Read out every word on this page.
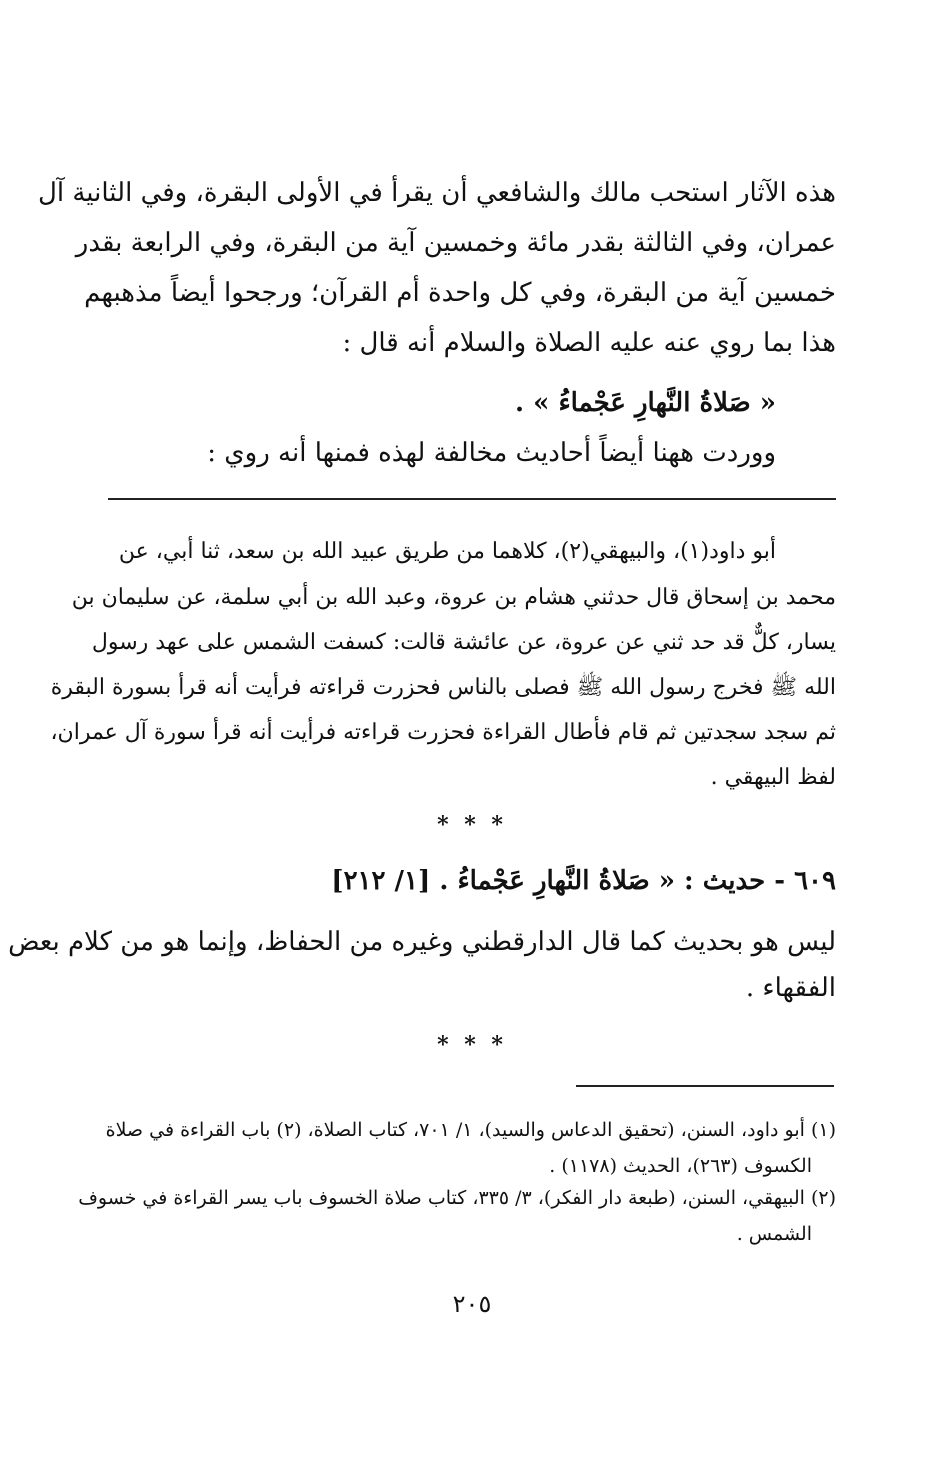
هذه الآثار استحب مالك والشافعي أن يقرأ في الأولى البقرة، وفي الثانية آل
عمران، وفي الثالثة بقدر مائة وخمسين آية من البقرة، وفي الرابعة بقدر
خمسين آية من البقرة، وفي كل واحدة أم القرآن؛ ورجحوا أيضاً مذهبهم
هذا بما روي عنه عليه الصلاة والسلام أنه قال :
« صَلاةُ النَّهارِ عَجْماءُ » .
ووردت ههنا أيضاً أحاديث مخالفة لهذه فمنها أنه روي :
أبو داود(١)، والبيهقي(٢)، كلاهما من طريق عبيد الله بن سعد، ثنا أبي، عن
محمد بن إسحاق قال حدثني هشام بن عروة، وعبد الله بن أبي سلمة، عن سليمان بن
يسار، كلٌّ قد حد ثني عن عروة، عن عائشة قالت: كسفت الشمس على عهد رسول
الله ﷺ فخرج رسول الله ﷺ فصلى بالناس فحزرت قراءته فرأيت أنه قرأ بسورة البقرة
ثم سجد سجدتين ثم قام فأطال القراءة فحزرت قراءته فرأيت أنه قرأ سورة آل عمران،
لفظ البيهقي .
* * *
٦٠٩ - حديث : « صَلاةُ النَّهارِ عَجْماءُ . [١/ ٢١٢]
ليس هو بحديث كما قال الدارقطني وغيره من الحفاظ، وإنما هو من كلام بعض
الفقهاء .
* * *
(١) أبو داود، السنن، (تحقيق الدعاس والسيد)، ١/ ٧٠١، كتاب الصلاة، (٢) باب القراءة في صلاة
الكسوف (٢٦٣)، الحديث (١١٧٨) .
(٢) البيهقي، السنن، (طبعة دار الفكر)، ٣/ ٣٣٥، كتاب صلاة الخسوف باب يسر القراءة في خسوف
الشمس .
٢٠٥
